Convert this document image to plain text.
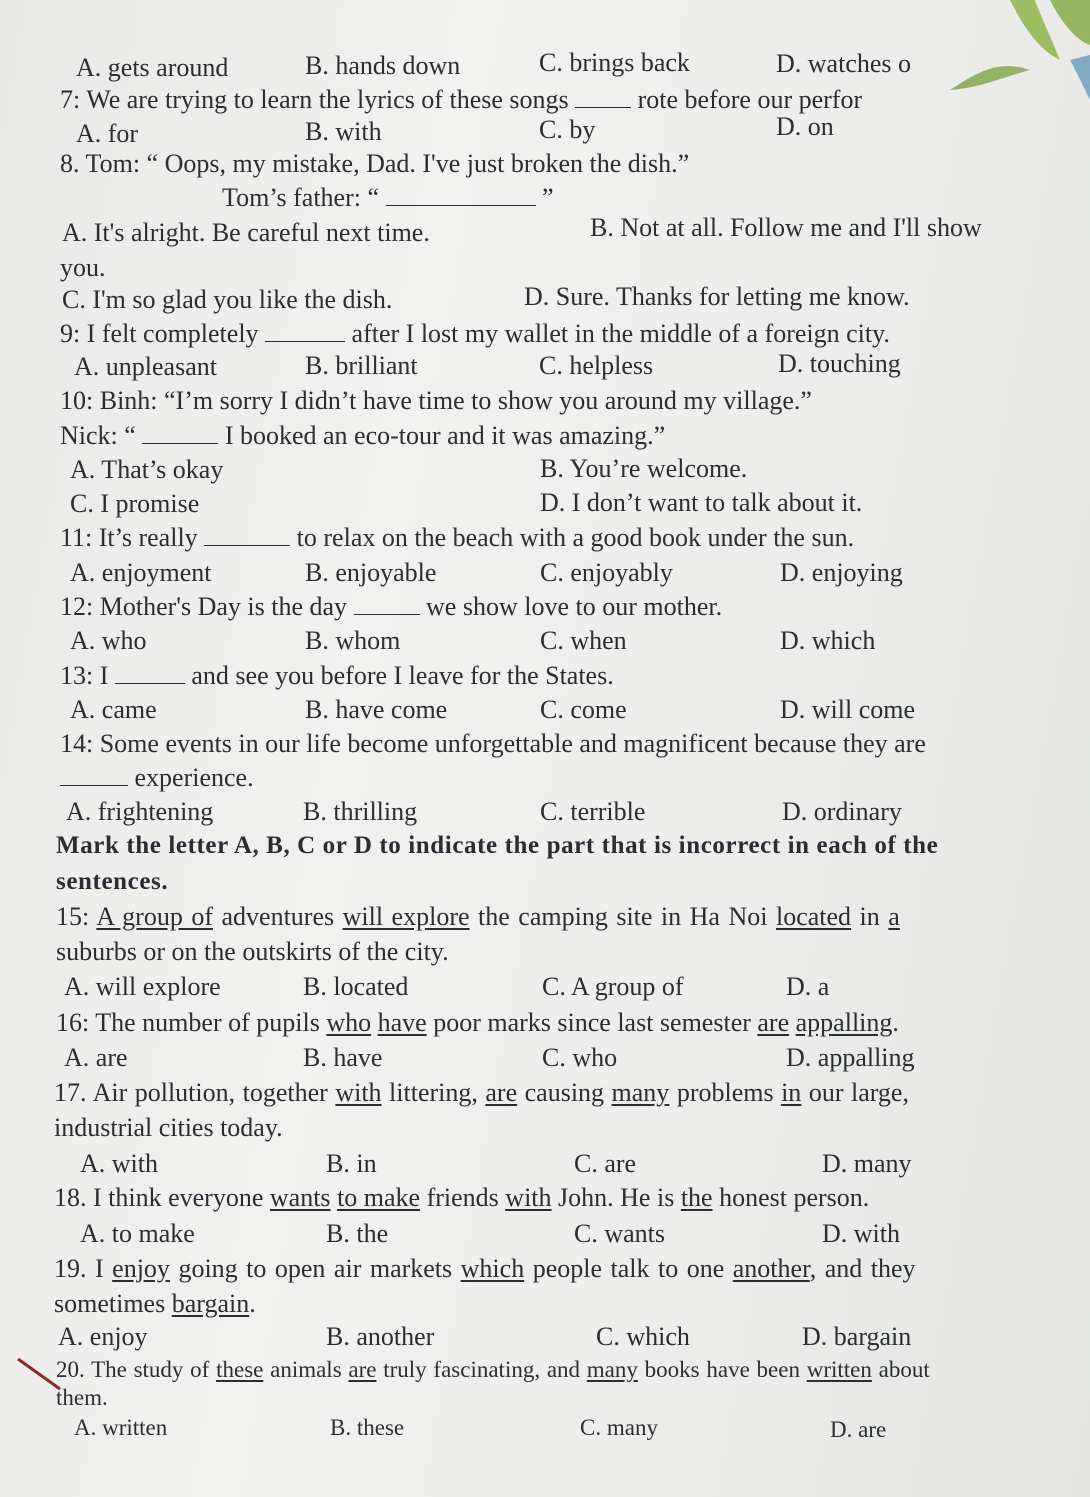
A. gets around	B. hands down	C. brings back	D. watches o
7: We are trying to learn the lyrics of these songs	rote before our perfor
A. for	B. with	C. by	D. on
8. Tom: “ Oops, my mistake, Dad. I've just broken the dish.”
Tom’s father: “	”
A. It's alright. Be careful next time.	B. Not at all. Follow me and I'll show
you.
C. I'm so glad you like the dish.	D. Sure. Thanks for letting me know.
9: I felt completely	after I lost my wallet in the middle of a foreign city.
A. unpleasant	B. brilliant	C. helpless	D. touching
10: Binh: “I’m sorry I didn’t have time to show you around my village.”
Nick: “	I booked an eco-tour and it was amazing.”
A. That’s okay	B. You’re welcome.
C. I promise	D. I don’t want to talk about it.
11: It’s really	to relax on the beach with a good book under the sun.
A. enjoyment	B. enjoyable	C. enjoyably	D. enjoying
12: Mother's Day is the day	we show love to our mother.
A. who	B. whom	C. when	D. which
13: I	and see you before I leave for the States.
A. came	B. have come	C. come	D. will come
14: Some events in our life become unforgettable and magnificent because they are
experience.
A. frightening	B. thrilling	C. terrible	D. ordinary
Mark the letter A, B, C or D to indicate the part that is incorrect in each of the
sentences.
15: A group of adventures will explore the camping site in Ha Noi located in a
suburbs or on the outskirts of the city.
A. will explore	B. located	C. A group of	D. a
16: The number of pupils who have poor marks since last semester are appalling.
A. are	B. have	C. who	D. appalling
17. Air pollution, together with littering, are causing many problems in our large,
industrial cities today.
A. with	B. in	C. are	D. many
18. I think everyone wants to make friends with John. He is the honest person.
A. to make	B. the	C. wants	D. with
19. I enjoy going to open air markets which people talk to one another, and they
sometimes bargain.
A. enjoy	B. another	C. which	D. bargain
20. The study of these animals are truly fascinating, and many books have been written about
them.
A. written	B. these	C. many	D. are
